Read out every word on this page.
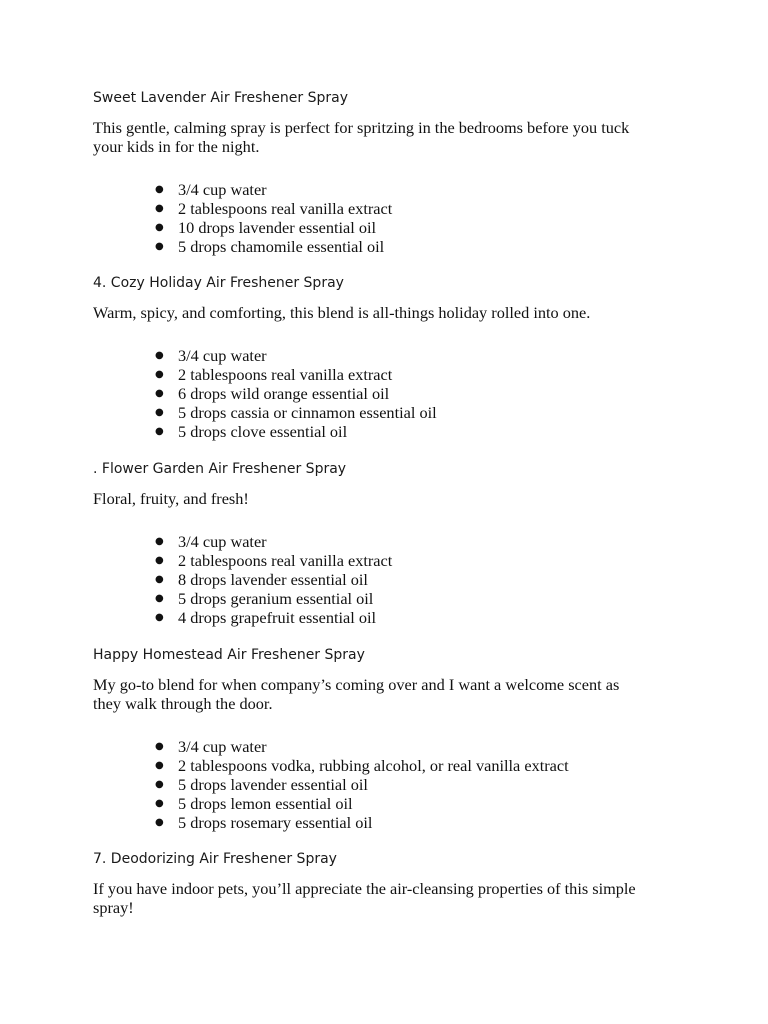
Sweet Lavender Air Freshener Spray

This gentle, calming spray is perfect for spritzing in the bedrooms before you tuck

your kids in for the night.

● 3/4 cup water
● 2 tablespoons real vanilla extract
● 10 drops lavender essential oil
● 5 drops chamomile essential oil

4. Cozy Holiday Air Freshener Spray

Warm, spicy, and comforting, this blend is all-things holiday rolled into one.

● 3/4 cup water
● 2 tablespoons real vanilla extract
● 6 drops wild orange essential oil
● 5 drops cassia or cinnamon essential oil
● 5 drops clove essential oil

. Flower Garden Air Freshener Spray

Floral, fruity, and fresh!

● 3/4 cup water
● 2 tablespoons real vanilla extract
● 8 drops lavender essential oil
● 5 drops geranium essential oil
● 4 drops grapefruit essential oil

Happy Homestead Air Freshener Spray

My go-to blend for when company’s coming over and I want a welcome scent as

they walk through the door.

● 3/4 cup water
● 2 tablespoons vodka, rubbing alcohol, or real vanilla extract
● 5 drops lavender essential oil
● 5 drops lemon essential oil
● 5 drops rosemary essential oil

7. Deodorizing Air Freshener Spray

If you have indoor pets, you’ll appreciate the air-cleansing properties of this simple

spray!
